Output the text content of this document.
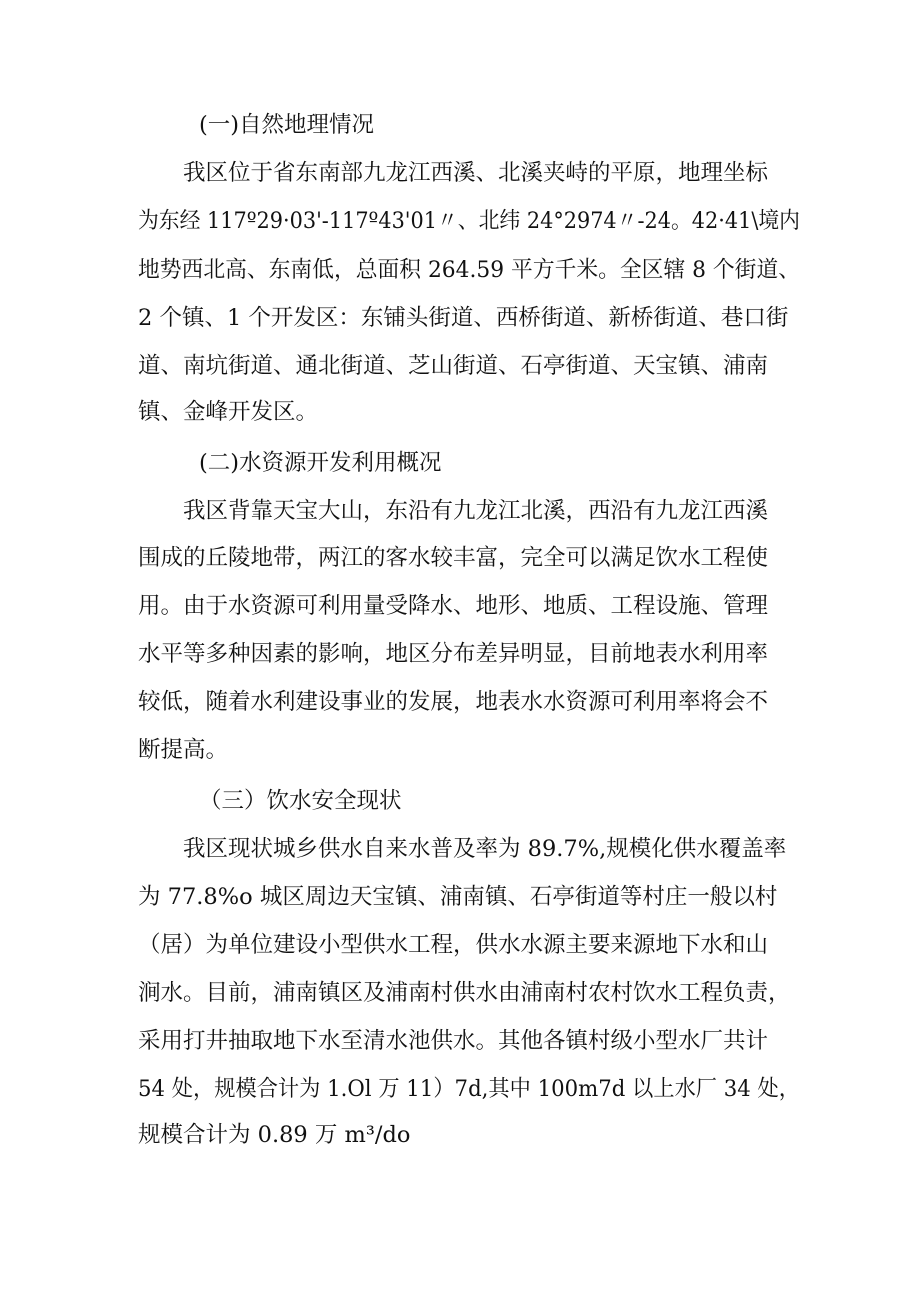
(一)自然地理情况
我区位于省东南部九龙江西溪、北溪夹峙的平原，地理坐标
为东经 117º29·03'-117º43'01〃、北纬 24°2974〃-24。42·41\境内
地势西北高、东南低，总面积 264.59 平方千米。全区辖 8 个街道、
2 个镇、1 个开发区：东铺头街道、西桥街道、新桥街道、巷口街
道、南坑街道、通北街道、芝山街道、石亭街道、天宝镇、浦南
镇、金峰开发区。
(二)水资源开发利用概况
我区背靠天宝大山，东沿有九龙江北溪，西沿有九龙江西溪
围成的丘陵地带，两江的客水较丰富，完全可以满足饮水工程使
用。由于水资源可利用量受降水、地形、地质、工程设施、管理
水平等多种因素的影响，地区分布差异明显，目前地表水利用率
较低，随着水利建设事业的发展，地表水水资源可利用率将会不
断提高。
（三）饮水安全现状
我区现状城乡供水自来水普及率为 89.7%,规模化供水覆盖率
为 77.8%o 城区周边天宝镇、浦南镇、石亭街道等村庄一般以村
（居）为单位建设小型供水工程，供水水源主要来源地下水和山
涧水。目前，浦南镇区及浦南村供水由浦南村农村饮水工程负责，
采用打井抽取地下水至清水池供水。其他各镇村级小型水厂共计
54 处，规模合计为 1.Ol 万 11）7d,其中 100m7d 以上水厂 34 处，
规模合计为 0.89 万 m³/do
